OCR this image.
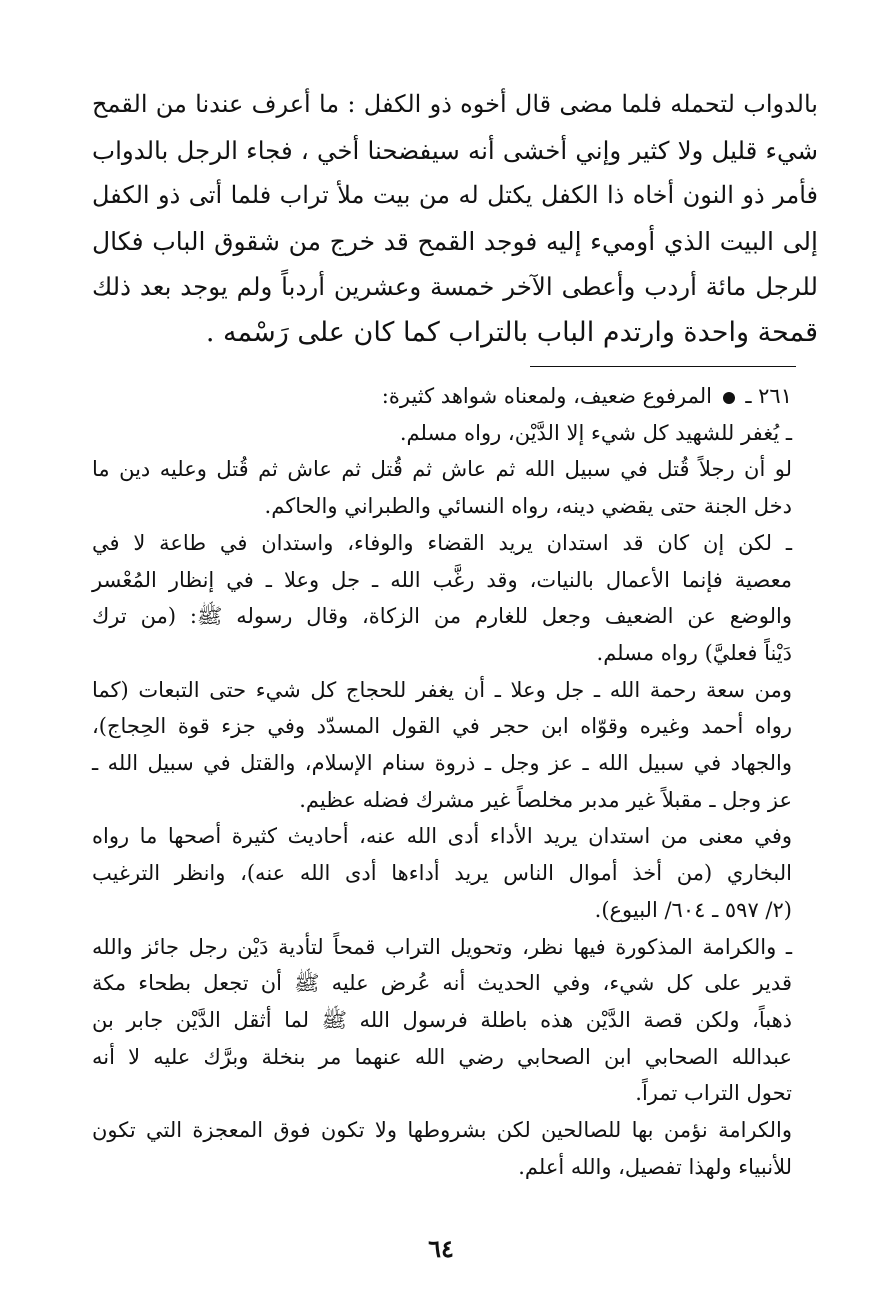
بالدواب لتحمله فلما مضى قال أخوه ذو الكفل : ما أعرف عندنا من القمح
شيء قليل ولا كثير وإني أخشى أنه سيفضحنا أخي ، فجاء الرجل بالدواب
فأمر ذو النون أخاه ذا الكفل يكتل له من بيت ملأ تراب فلما أتى ذو الكفل
إلى البيت الذي أوميء إليه فوجد القمح قد خرج من شقوق الباب فكال
للرجل مائة أردب وأعطى الآخر خمسة وعشرين أردباً ولم يوجد بعد ذلك
قمحة واحدة وارتدم الباب بالتراب كما كان على رَسْمه .
٢٦١ ـ  المرفوع ضعيف، ولمعناه شواهد كثيرة:
ـ يُغفر للشهيد كل شيء إلا الدَّيْن، رواه مسلم.
لو أن رجلاً قُتل في سبيل الله ثم عاش ثم قُتل ثم عاش ثم قُتل وعليه دين ما
دخل الجنة حتى يقضي دينه، رواه النسائي والطبراني والحاكم.
ـ لكن إن كان قد استدان يريد القضاء والوفاء، واستدان في طاعة لا في
معصية فإنما الأعمال بالنيات، وقد رغَّب الله ـ جل وعلا ـ في إنظار المُعْسر
والوضع عن الضعيف وجعل للغارم من الزكاة، وقال رسوله ﷺ: (من ترك
دَيْناً فعليَّ) رواه مسلم.
ومن سعة رحمة الله ـ جل وعلا ـ أن يغفر للحجاج كل شيء حتى التبعات (كما
رواه أحمد وغيره وقوّاه ابن حجر في القول المسدّد وفي جزء قوة الحِجاج)،
والجهاد في سبيل الله ـ عز وجل ـ ذروة سنام الإسلام، والقتل في سبيل الله ـ
عز وجل ـ مقبلاً غير مدبر مخلصاً غير مشرك فضله عظيم.
وفي معنى من استدان يريد الأداء أدى الله عنه، أحاديث كثيرة أصحها ما رواه
البخاري (من أخذ أموال الناس يريد أداءها أدى الله عنه)، وانظر الترغيب
(٢/ ٥٩٧ ـ ٦٠٤/ البيوع).
ـ والكرامة المذكورة فيها نظر، وتحويل التراب قمحاً لتأدية دَيْن رجل جائز والله
قدير على كل شيء، وفي الحديث أنه عُرض عليه ﷺ أن تجعل بطحاء مكة
ذهباً، ولكن قصة الدَّيْن هذه باطلة فرسول الله ﷺ لما أثقل الدَّيْن جابر بن
عبدالله الصحابي ابن الصحابي رضي الله عنهما مر بنخلة وبرَّك عليه لا أنه
تحول التراب تمراً.
والكرامة نؤمن بها للصالحين لكن بشروطها ولا تكون فوق المعجزة التي تكون
للأنبياء ولهذا تفصيل، والله أعلم.
٦٤
